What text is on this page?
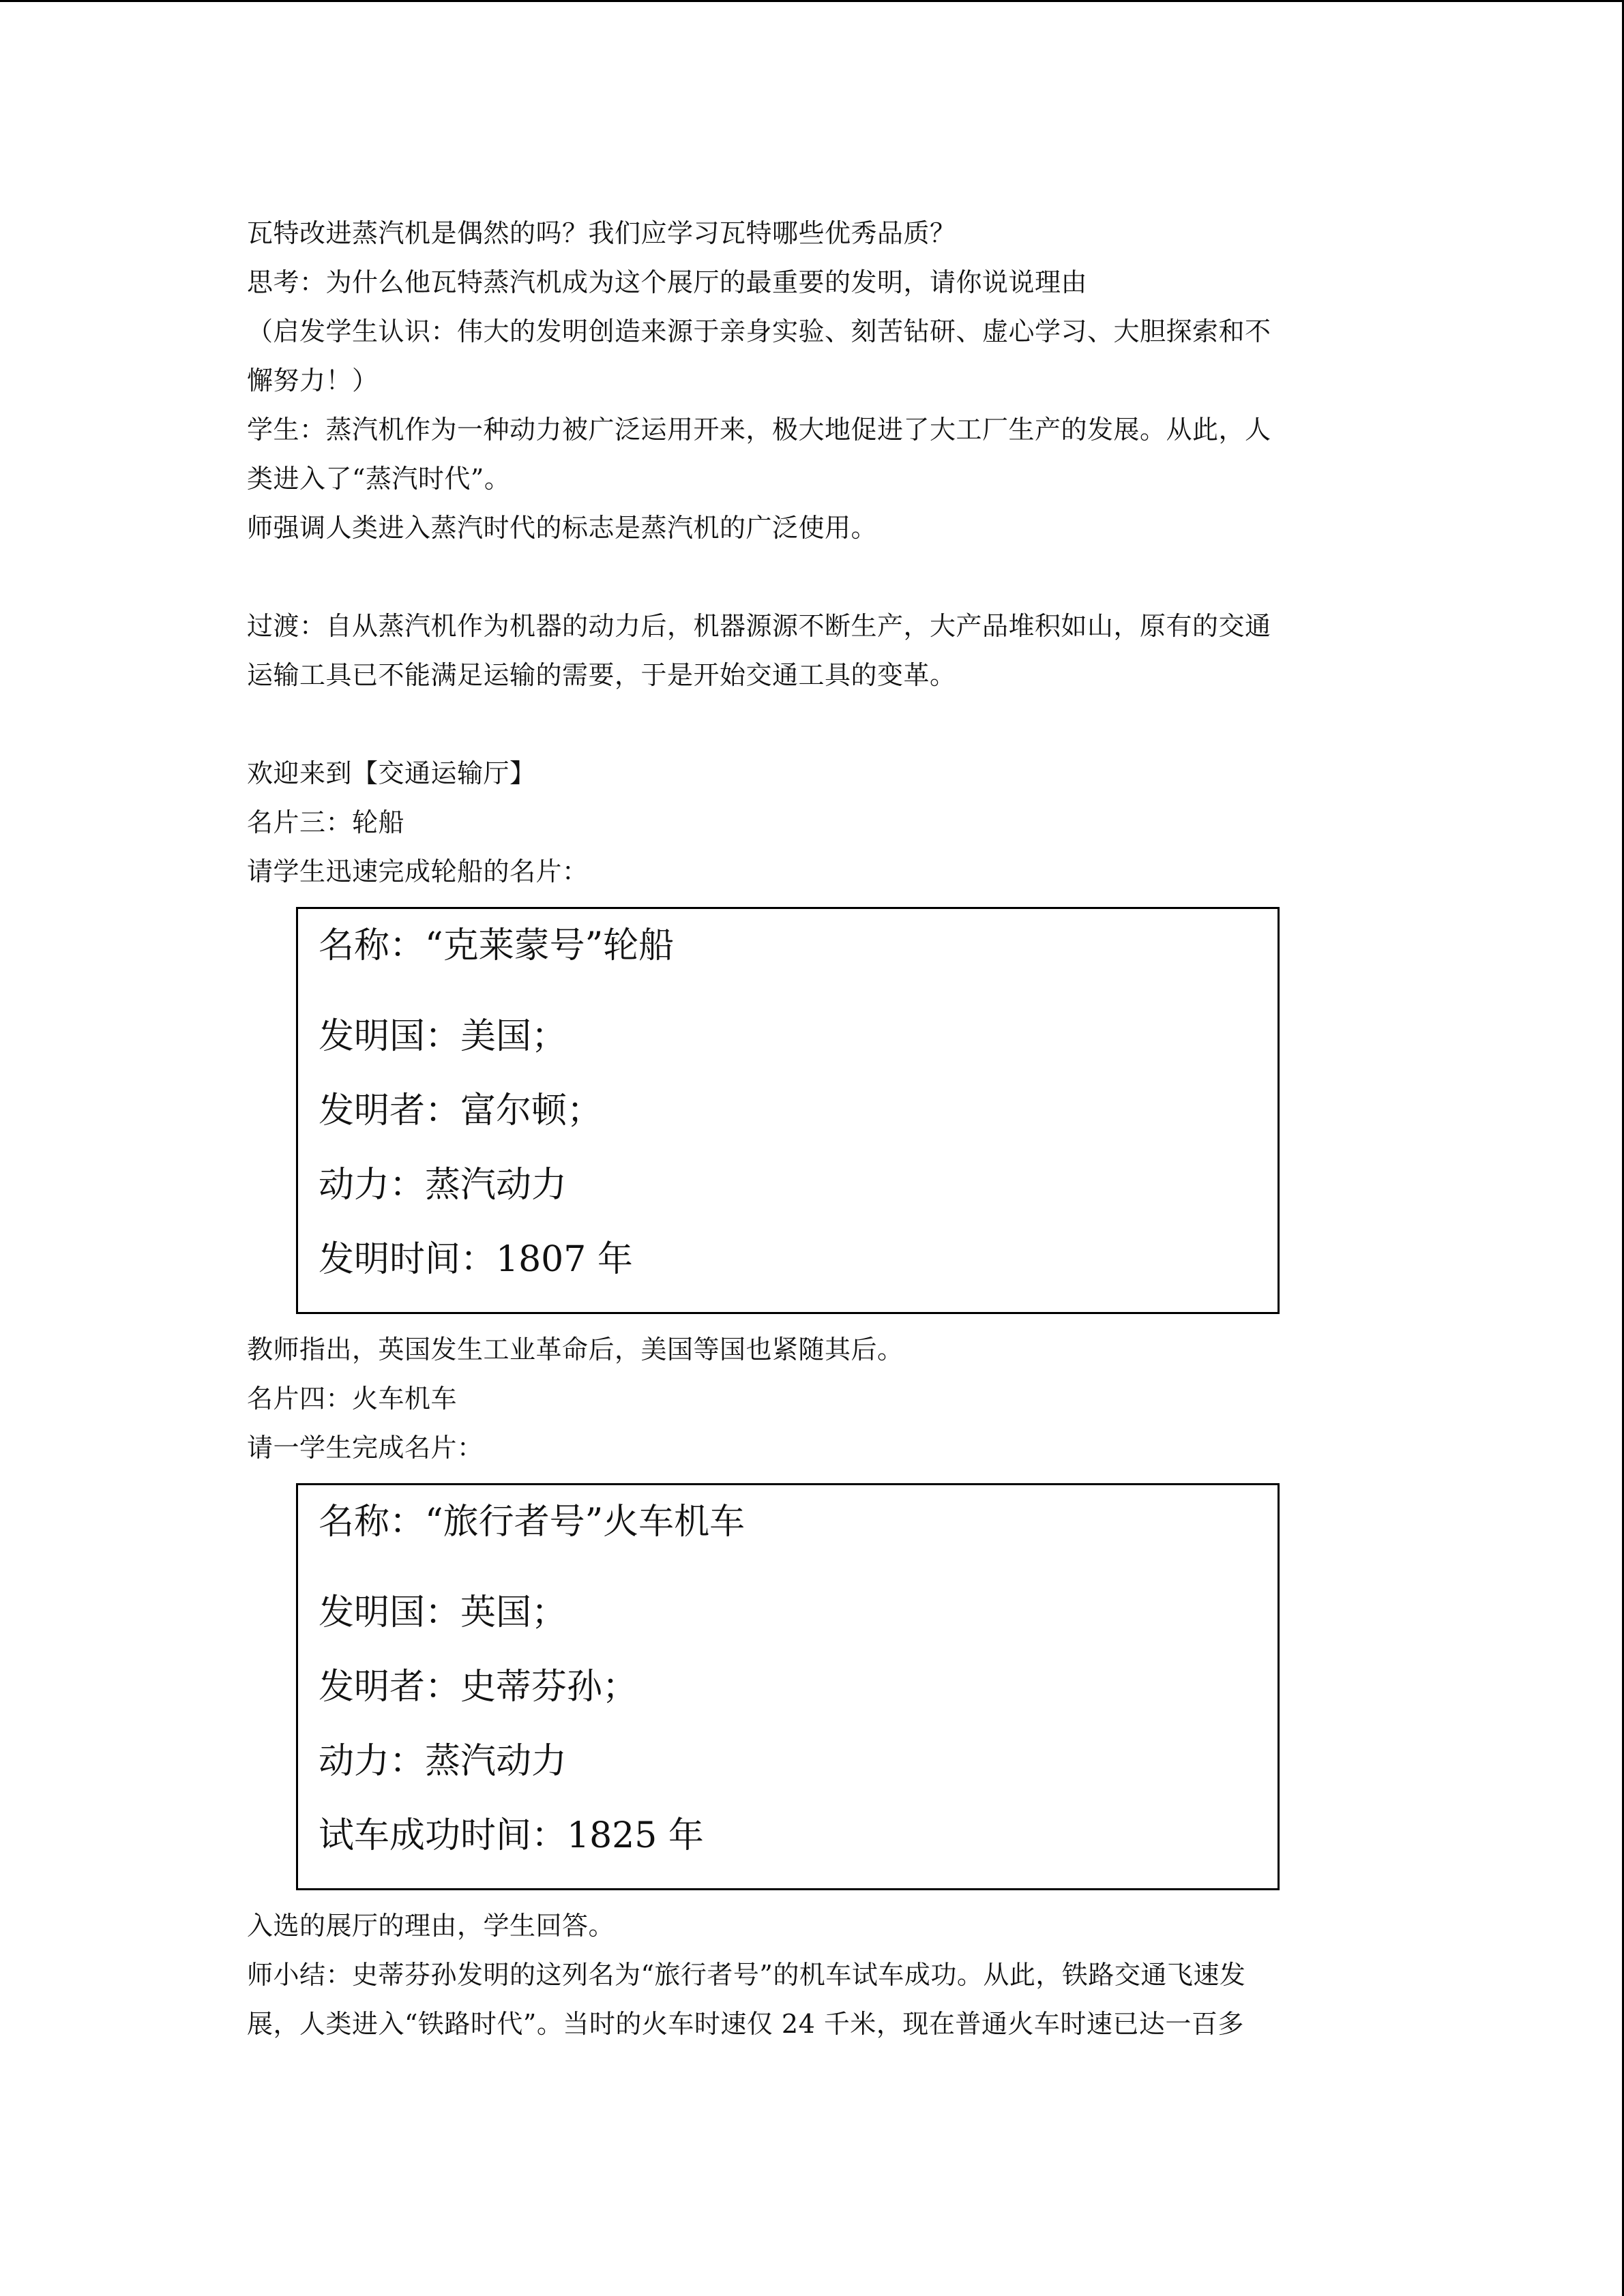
瓦特改进蒸汽机是偶然的吗？我们应学习瓦特哪些优秀品质？
思考：为什么他瓦特蒸汽机成为这个展厅的最重要的发明，请你说说理由
（启发学生认识：伟大的发明创造来源于亲身实验、刻苦钻研、虚心学习、大胆探索和不
懈努力！）
学生：蒸汽机作为一种动力被广泛运用开来，极大地促进了大工厂生产的发展。从此，人
类进入了“蒸汽时代”。
师强调人类进入蒸汽时代的标志是蒸汽机的广泛使用。
过渡：自从蒸汽机作为机器的动力后，机器源源不断生产，大产品堆积如山，原有的交通
运输工具已不能满足运输的需要，于是开始交通工具的变革。
欢迎来到【交通运输厅】
名片三：轮船
请学生迅速完成轮船的名片：
名称：“克莱蒙号”轮船
发明国：美国；
发明者：富尔顿；
动力：蒸汽动力
发明时间：1807 年
教师指出，英国发生工业革命后，美国等国也紧随其后。
名片四：火车机车
请一学生完成名片：
名称：“旅行者号”火车机车
发明国：英国；
发明者：史蒂芬孙；
动力：蒸汽动力
试车成功时间：1825 年
入选的展厅的理由，学生回答。
师小结：史蒂芬孙发明的这列名为“旅行者号”的机车试车成功。从此，铁路交通飞速发
展，人类进入“铁路时代”。当时的火车时速仅 24 千米，现在普通火车时速已达一百多
